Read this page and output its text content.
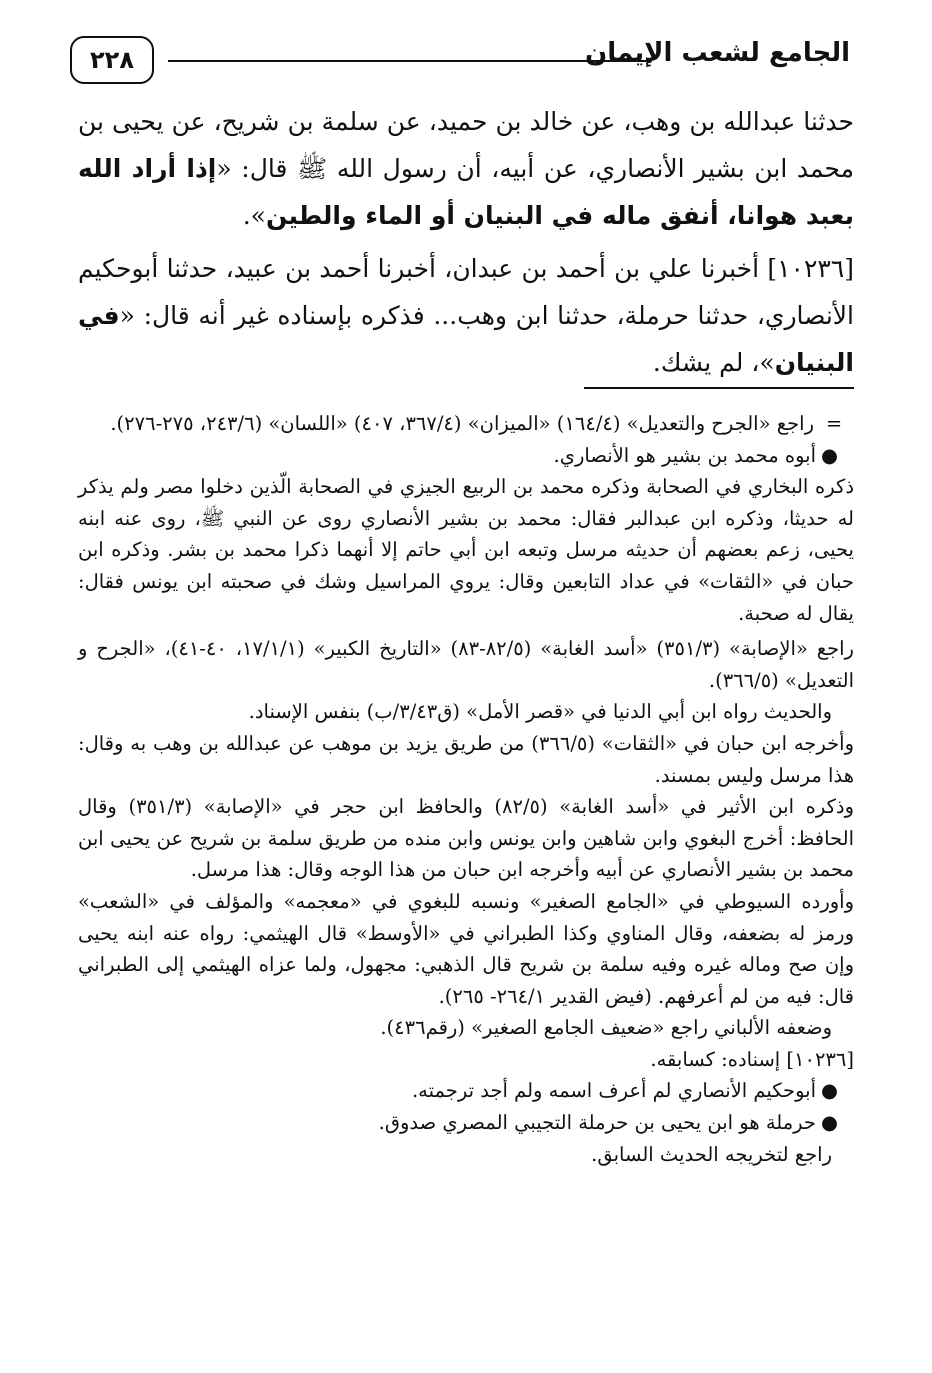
الجامع لشعب الإيمان
٢٢٨

حدثنا عبدالله بن وهب، عن خالد بن حميد، عن سلمة بن شريح، عن يحيى بن محمد ابن بشير الأنصاري، عن أبيه، أن رسول الله ﷺ قال: «إذا أراد الله بعبد هوانا، أنفق ماله في البنيان أو الماء والطين».

[١٠٢٣٦] أخبرنا علي بن أحمد بن عبدان، أخبرنا أحمد بن عبيد، حدثنا أبوحكيم الأنصاري، حدثنا حرملة، حدثنا ابن وهب... فذكره بإسناده غير أنه قال: «في البنيان»، لم يشك.

=راجع «الجرح والتعديل» (١٦٤/٤) «الميزان» (٣٦٧/٤، ٤٠٧) «اللسان» (٢٤٣/٦، ٢٧٥-٢٧٦).

●أبوه محمد بن بشير هو الأنصاري.

ذكره البخاري في الصحابة وذكره محمد بن الربيع الجيزي في الصحابة الّذين دخلوا مصر ولم يذكر له حديثا، وذكره ابن عبدالبر فقال: محمد بن بشير الأنصاري روى عن النبي ﷺ، روى عنه ابنه يحيى، زعم بعضهم أن حديثه مرسل وتبعه ابن أبي حاتم إلا أنهما ذكرا محمد بن بشر. وذكره ابن حبان في «الثقات» في عداد التابعين وقال: يروي المراسيل وشك في صحبته ابن يونس فقال: يقال له صحبة.

راجع «الإصابة» (٣٥١/٣) «أسد الغابة» (٨٢/٥-٨٣) «التاريخ الكبير» (١٧/١/١، ٤٠-٤١)، «الجرح و التعديل» (٣٦٦/٥).

والحديث رواه ابن أبي الدنيا في «قصر الأمل» (ق٣/٤٣/ب) بنفس الإسناد.

وأخرجه ابن حبان في «الثقات» (٣٦٦/٥) من طريق يزيد بن موهب عن عبدالله بن وهب به وقال: هذا مرسل وليس بمسند.

وذكره ابن الأثير في «أسد الغابة» (٨٢/٥) والحافظ ابن حجر في «الإصابة» (٣٥١/٣) وقال الحافظ: أخرج البغوي وابن شاهين وابن يونس وابن منده من طريق سلمة بن شريح عن يحيى ابن محمد بن بشير الأنصاري عن أبيه وأخرجه ابن حبان من هذا الوجه وقال: هذا مرسل.

وأورده السيوطي في «الجامع الصغير» ونسبه للبغوي في «معجمه» والمؤلف في «الشعب» ورمز له بضعفه، وقال المناوي وكذا الطبراني في «الأوسط» قال الهيثمي: رواه عنه ابنه يحيى وإن صح وماله غيره وفيه سلمة بن شريح قال الذهبي: مجهول، ولما عزاه الهيثمي إلى الطبراني قال: فيه من لم أعرفهم. (فيض القدير ٢٦٤/١- ٢٦٥).

وضعفه الألباني راجع «ضعيف الجامع الصغير» (رقم٤٣٦).

[١٠٢٣٦] إسناده: كسابقه.

●أبوحكيم الأنصاري لم أعرف اسمه ولم أجد ترجمته.

●حرملة هو ابن يحيى بن حرملة التجيبي المصري صدوق.

راجع لتخريجه الحديث السابق.
